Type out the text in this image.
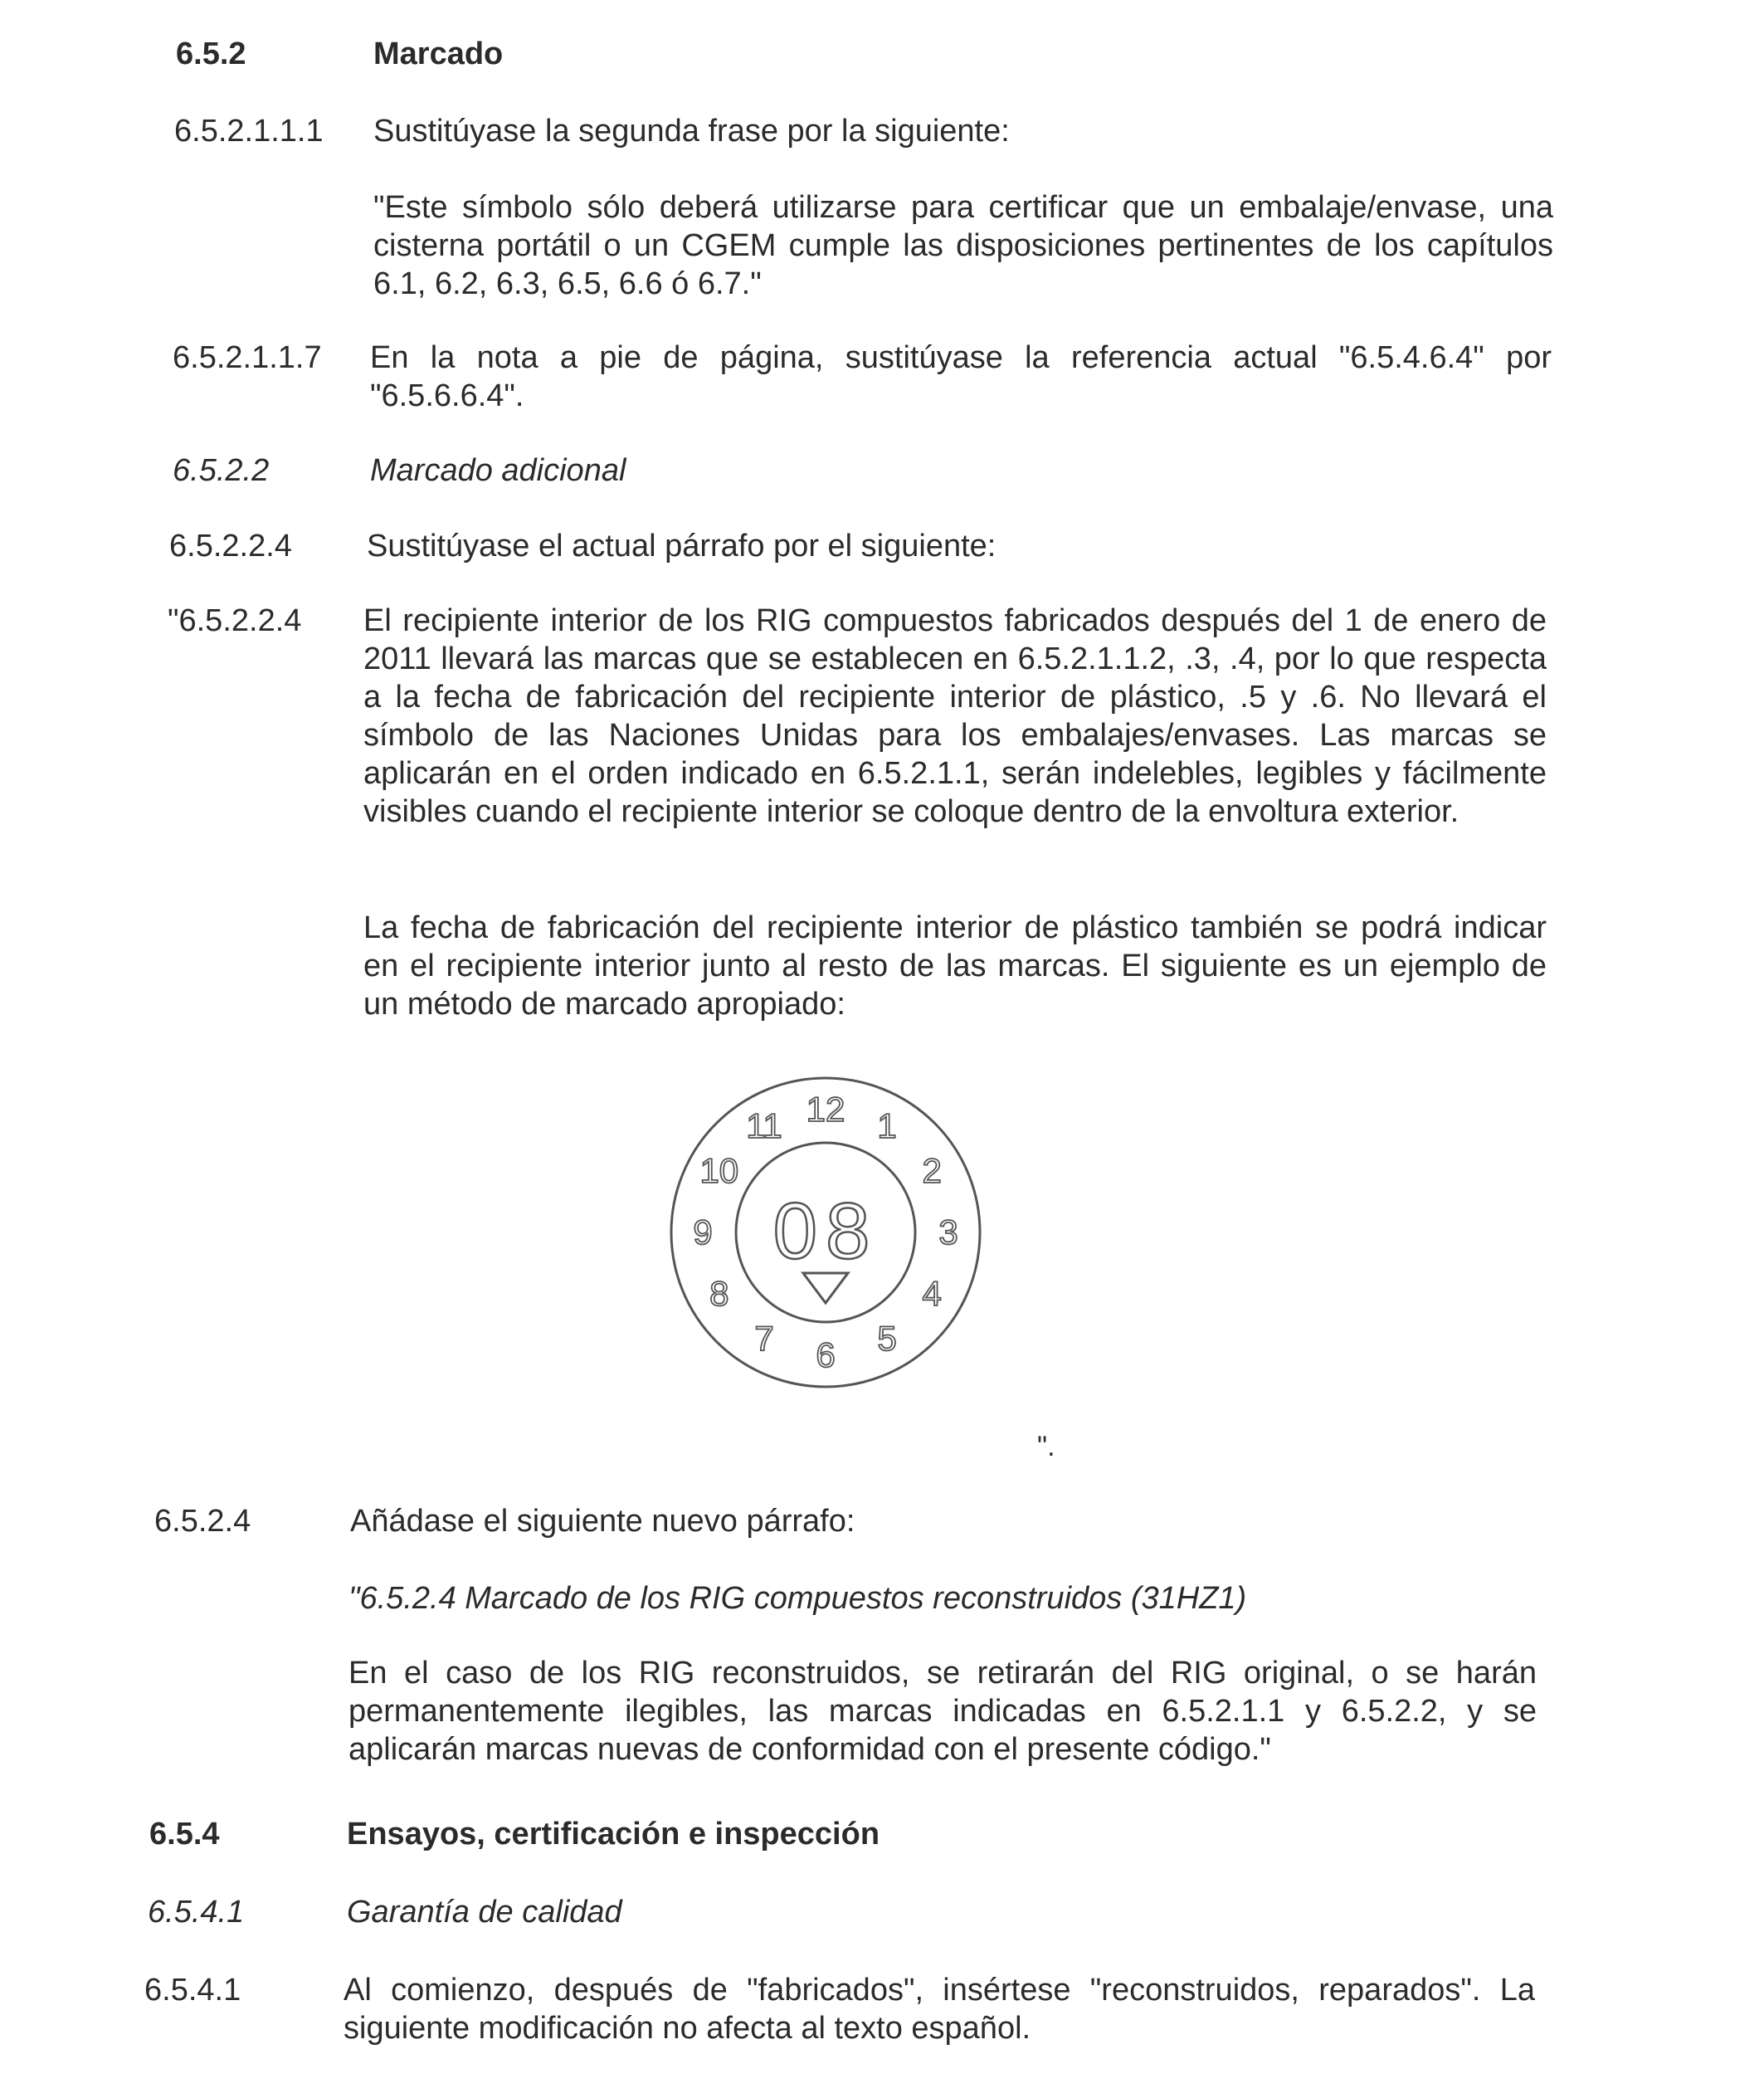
6.5.2	Marcado
6.5.2.1.1.1	Sustitúyase la segunda frase por la siguiente:
"Este símbolo sólo deberá utilizarse para certificar que un embalaje/envase, una cisterna portátil o un CGEM cumple las disposiciones pertinentes de los capítulos 6.1, 6.2, 6.3, 6.5, 6.6 ó 6.7."
6.5.2.1.1.7	En la nota a pie de página, sustitúyase la referencia actual "6.5.4.6.4" por "6.5.6.6.4".
6.5.2.2	Marcado adicional
6.5.2.2.4	Sustitúyase el actual párrafo por el siguiente:
"6.5.2.2.4	El recipiente interior de los RIG compuestos fabricados después del 1 de enero de 2011 llevará las marcas que se establecen en 6.5.2.1.1.2, .3, .4, por lo que respecta a la fecha de fabricación del recipiente interior de plástico, .5 y .6. No llevará el símbolo de las Naciones Unidas para los embalajes/envases. Las marcas se aplicarán en el orden indicado en 6.5.2.1.1, serán indelebles, legibles y fácilmente visibles cuando el recipiente interior se coloque dentro de la envoltura exterior.
La fecha de fabricación del recipiente interior de plástico también se podrá indicar en el recipiente interior junto al resto de las marcas. El siguiente es un ejemplo de un método de marcado apropiado:
08
12 1
2
3
4
5
6
7
8
9
10
11
".
6.5.2.4	Añádase el siguiente nuevo párrafo:
"6.5.2.4 Marcado de los RIG compuestos reconstruidos (31HZ1)
En el caso de los RIG reconstruidos, se retirarán del RIG original, o se harán permanentemente ilegibles, las marcas indicadas en 6.5.2.1.1 y 6.5.2.2, y se aplicarán marcas nuevas de conformidad con el presente código."
6.5.4	Ensayos, certificación e inspección
6.5.4.1	Garantía de calidad
6.5.4.1	Al comienzo, después de "fabricados", insértese "reconstruidos, reparados". La siguiente modificación no afecta al texto español.
